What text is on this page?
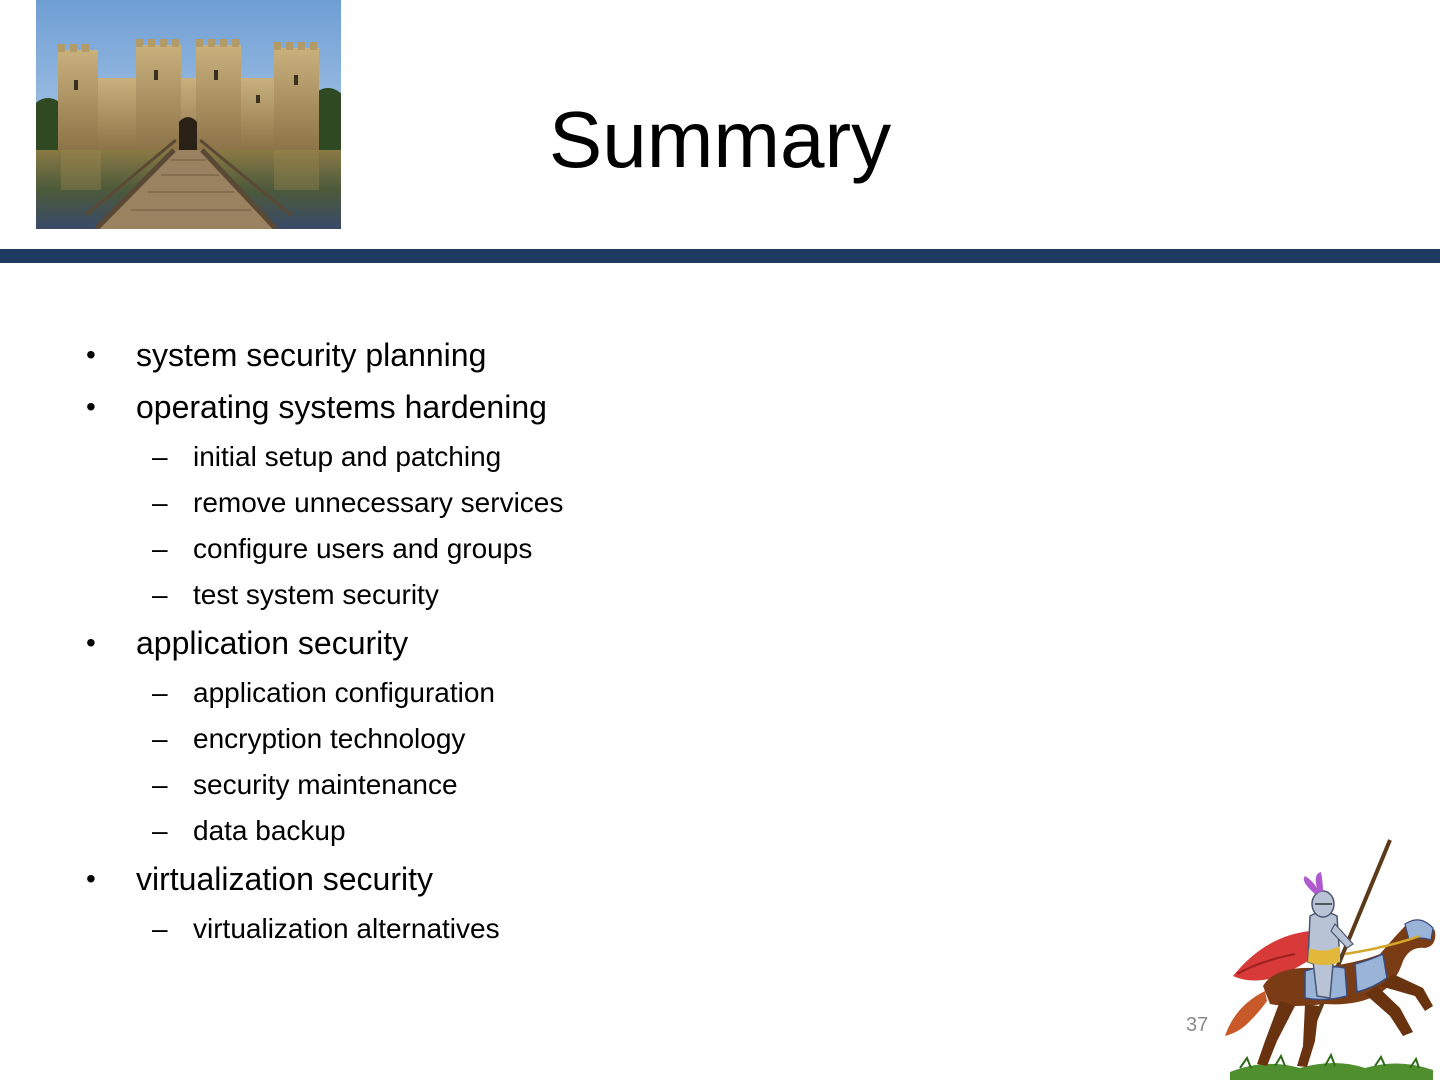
Summary
• system security planning
• operating systems hardening
– initial setup and patching
– remove unnecessary services
– configure users and groups
– test system security
• application security
– application configuration
– encryption technology
– security maintenance
– data backup
• virtualization security
– virtualization alternatives
37
